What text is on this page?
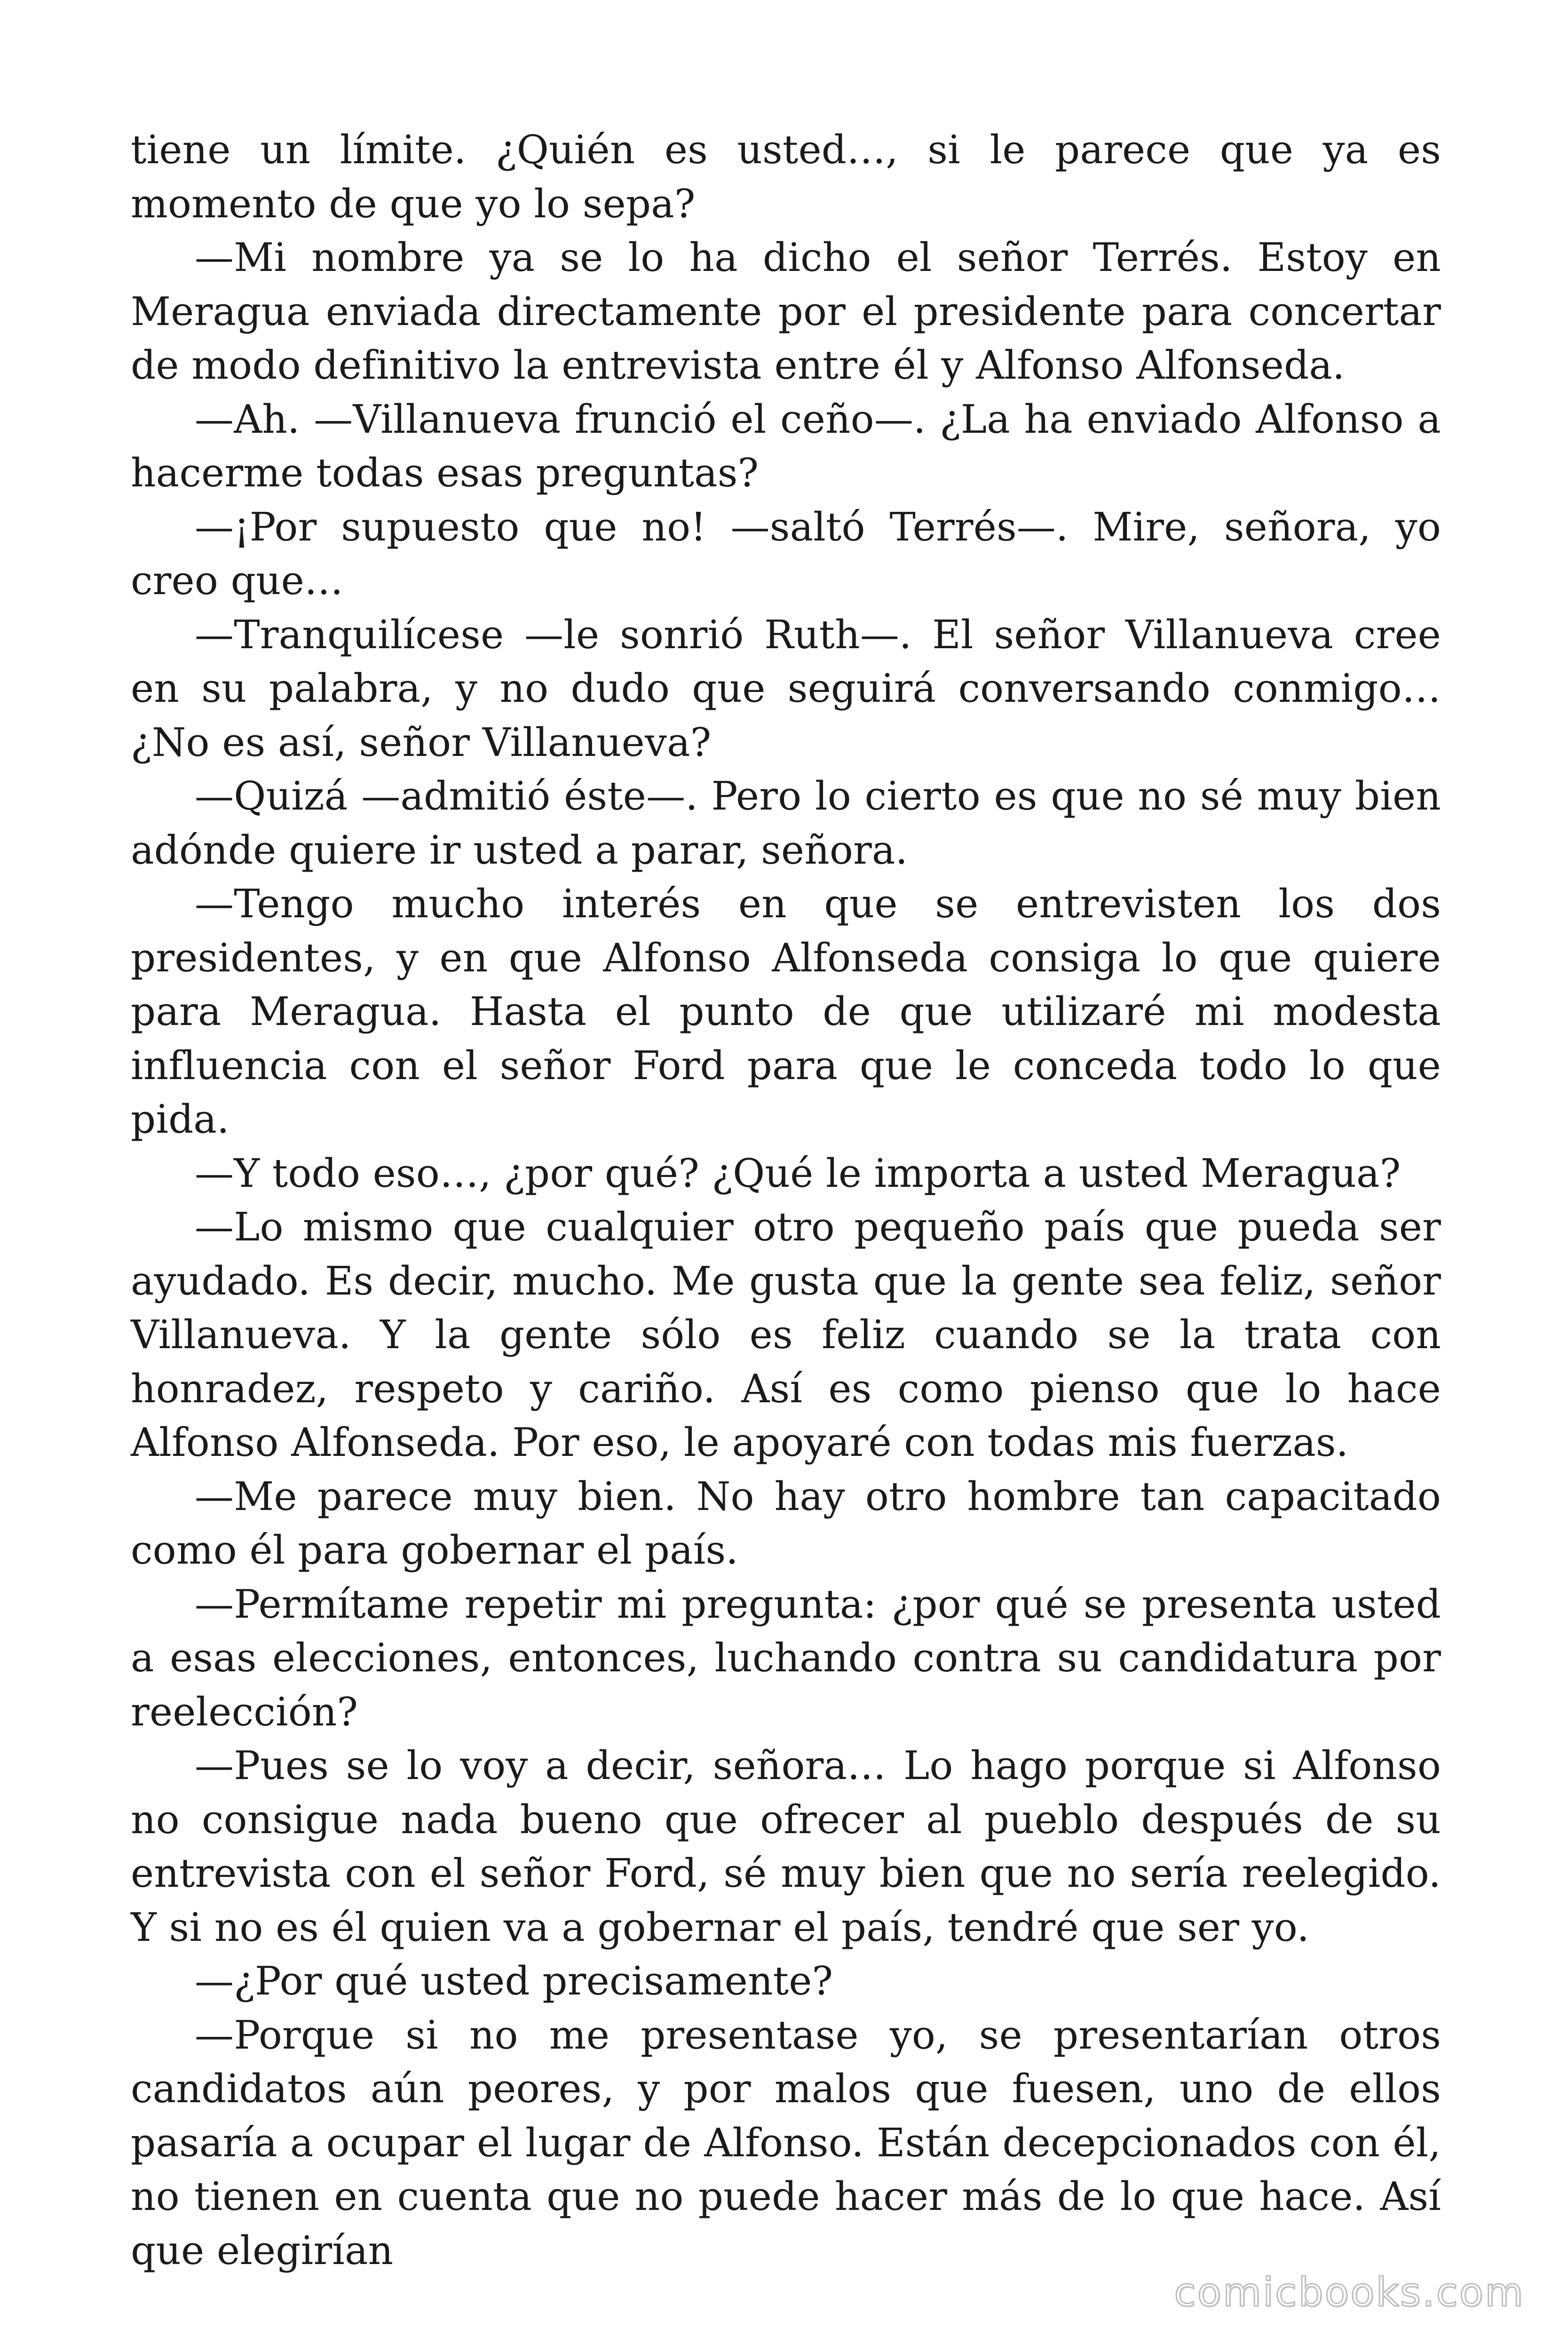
tiene un límite. ¿Quién es usted…, si le parece que ya es momento de que yo lo sepa?

—Mi nombre ya se lo ha dicho el señor Terrés. Estoy en Meragua enviada directamente por el presidente para concertar de modo definitivo la entrevista entre él y Alfonso Alfonseda.

—Ah. —Villanueva frunció el ceño—. ¿La ha enviado Alfonso a hacerme todas esas preguntas?

—¡Por supuesto que no! —saltó Terrés—. Mire, señora, yo creo que…

—Tranquilícese —le sonrió Ruth—. El señor Villanueva cree en su palabra, y no dudo que seguirá conversando conmigo… ¿No es así, señor Villanueva?

—Quizá —admitió éste—. Pero lo cierto es que no sé muy bien adónde quiere ir usted a parar, señora.

—Tengo mucho interés en que se entrevisten los dos presidentes, y en que Alfonso Alfonseda consiga lo que quiere para Meragua. Hasta el punto de que utilizaré mi modesta influencia con el señor Ford para que le conceda todo lo que pida.

—Y todo eso…, ¿por qué? ¿Qué le importa a usted Meragua?

—Lo mismo que cualquier otro pequeño país que pueda ser ayudado. Es decir, mucho. Me gusta que la gente sea feliz, señor Villanueva. Y la gente sólo es feliz cuando se la trata con honradez, respeto y cariño. Así es como pienso que lo hace Alfonso Alfonseda. Por eso, le apoyaré con todas mis fuerzas.

—Me parece muy bien. No hay otro hombre tan capacitado como él para gobernar el país.

—Permítame repetir mi pregunta: ¿por qué se presenta usted a esas elecciones, entonces, luchando contra su candidatura por reelección?

—Pues se lo voy a decir, señora… Lo hago porque si Alfonso no consigue nada bueno que ofrecer al pueblo después de su entrevista con el señor Ford, sé muy bien que no sería reelegido. Y si no es él quien va a gobernar el país, tendré que ser yo.

—¿Por qué usted precisamente?

—Porque si no me presentase yo, se presentarían otros candidatos aún peores, y por malos que fuesen, uno de ellos pasaría a ocupar el lugar de Alfonso. Están decepcionados con él, no tienen en cuenta que no puede hacer más de lo que hace. Así que elegirían

comicbooks.com
